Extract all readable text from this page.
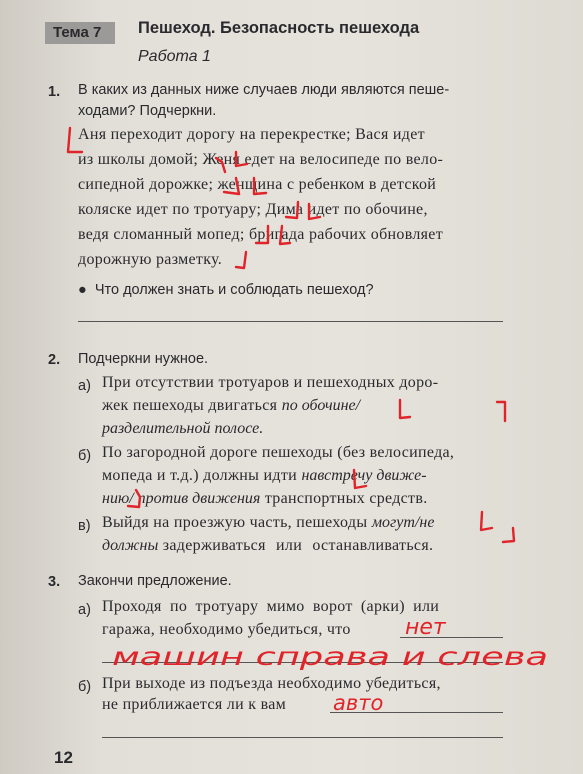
Тема 7	Пешеход. Безопасность пешехода
Работа 1
1. В каких из данных ниже случаев люди являются пеше-
ходами? Подчеркни.
Аня переходит дорогу на перекрестке; Вася идет
из школы домой; Женя едет на велосипеде по вело-
сипедной дорожке; женщина с ребенком в детской
коляске идет по тротуару; Дима идет по обочине,
ведя сломанный мопед; бригада рабочих обновляет
дорожную разметку.
●  Что должен знать и соблюдать пешеход?
2. Подчеркни нужное.
а) При отсутствии тротуаров и пешеходных доро-
жек пешеходы двигаться по обочине/
разделительной полосе.
б) По загородной дороге пешеходы (без велосипеда,
мопеда и т.д.) должны идти навстречу движе-
нию/ против движения транспортных средств.
в) Выйдя на проезжую часть, пешеходы могут/не
должны задерживаться или останавливаться.
3. Закончи предложение.
а) Проходя по тротуару мимо ворот (арки) или
гаража, необходимо убедиться, что
б) При выходе из подъезда необходимо убедиться,
не приближается ли к вам
12
нет
машин справа и слева
авто
